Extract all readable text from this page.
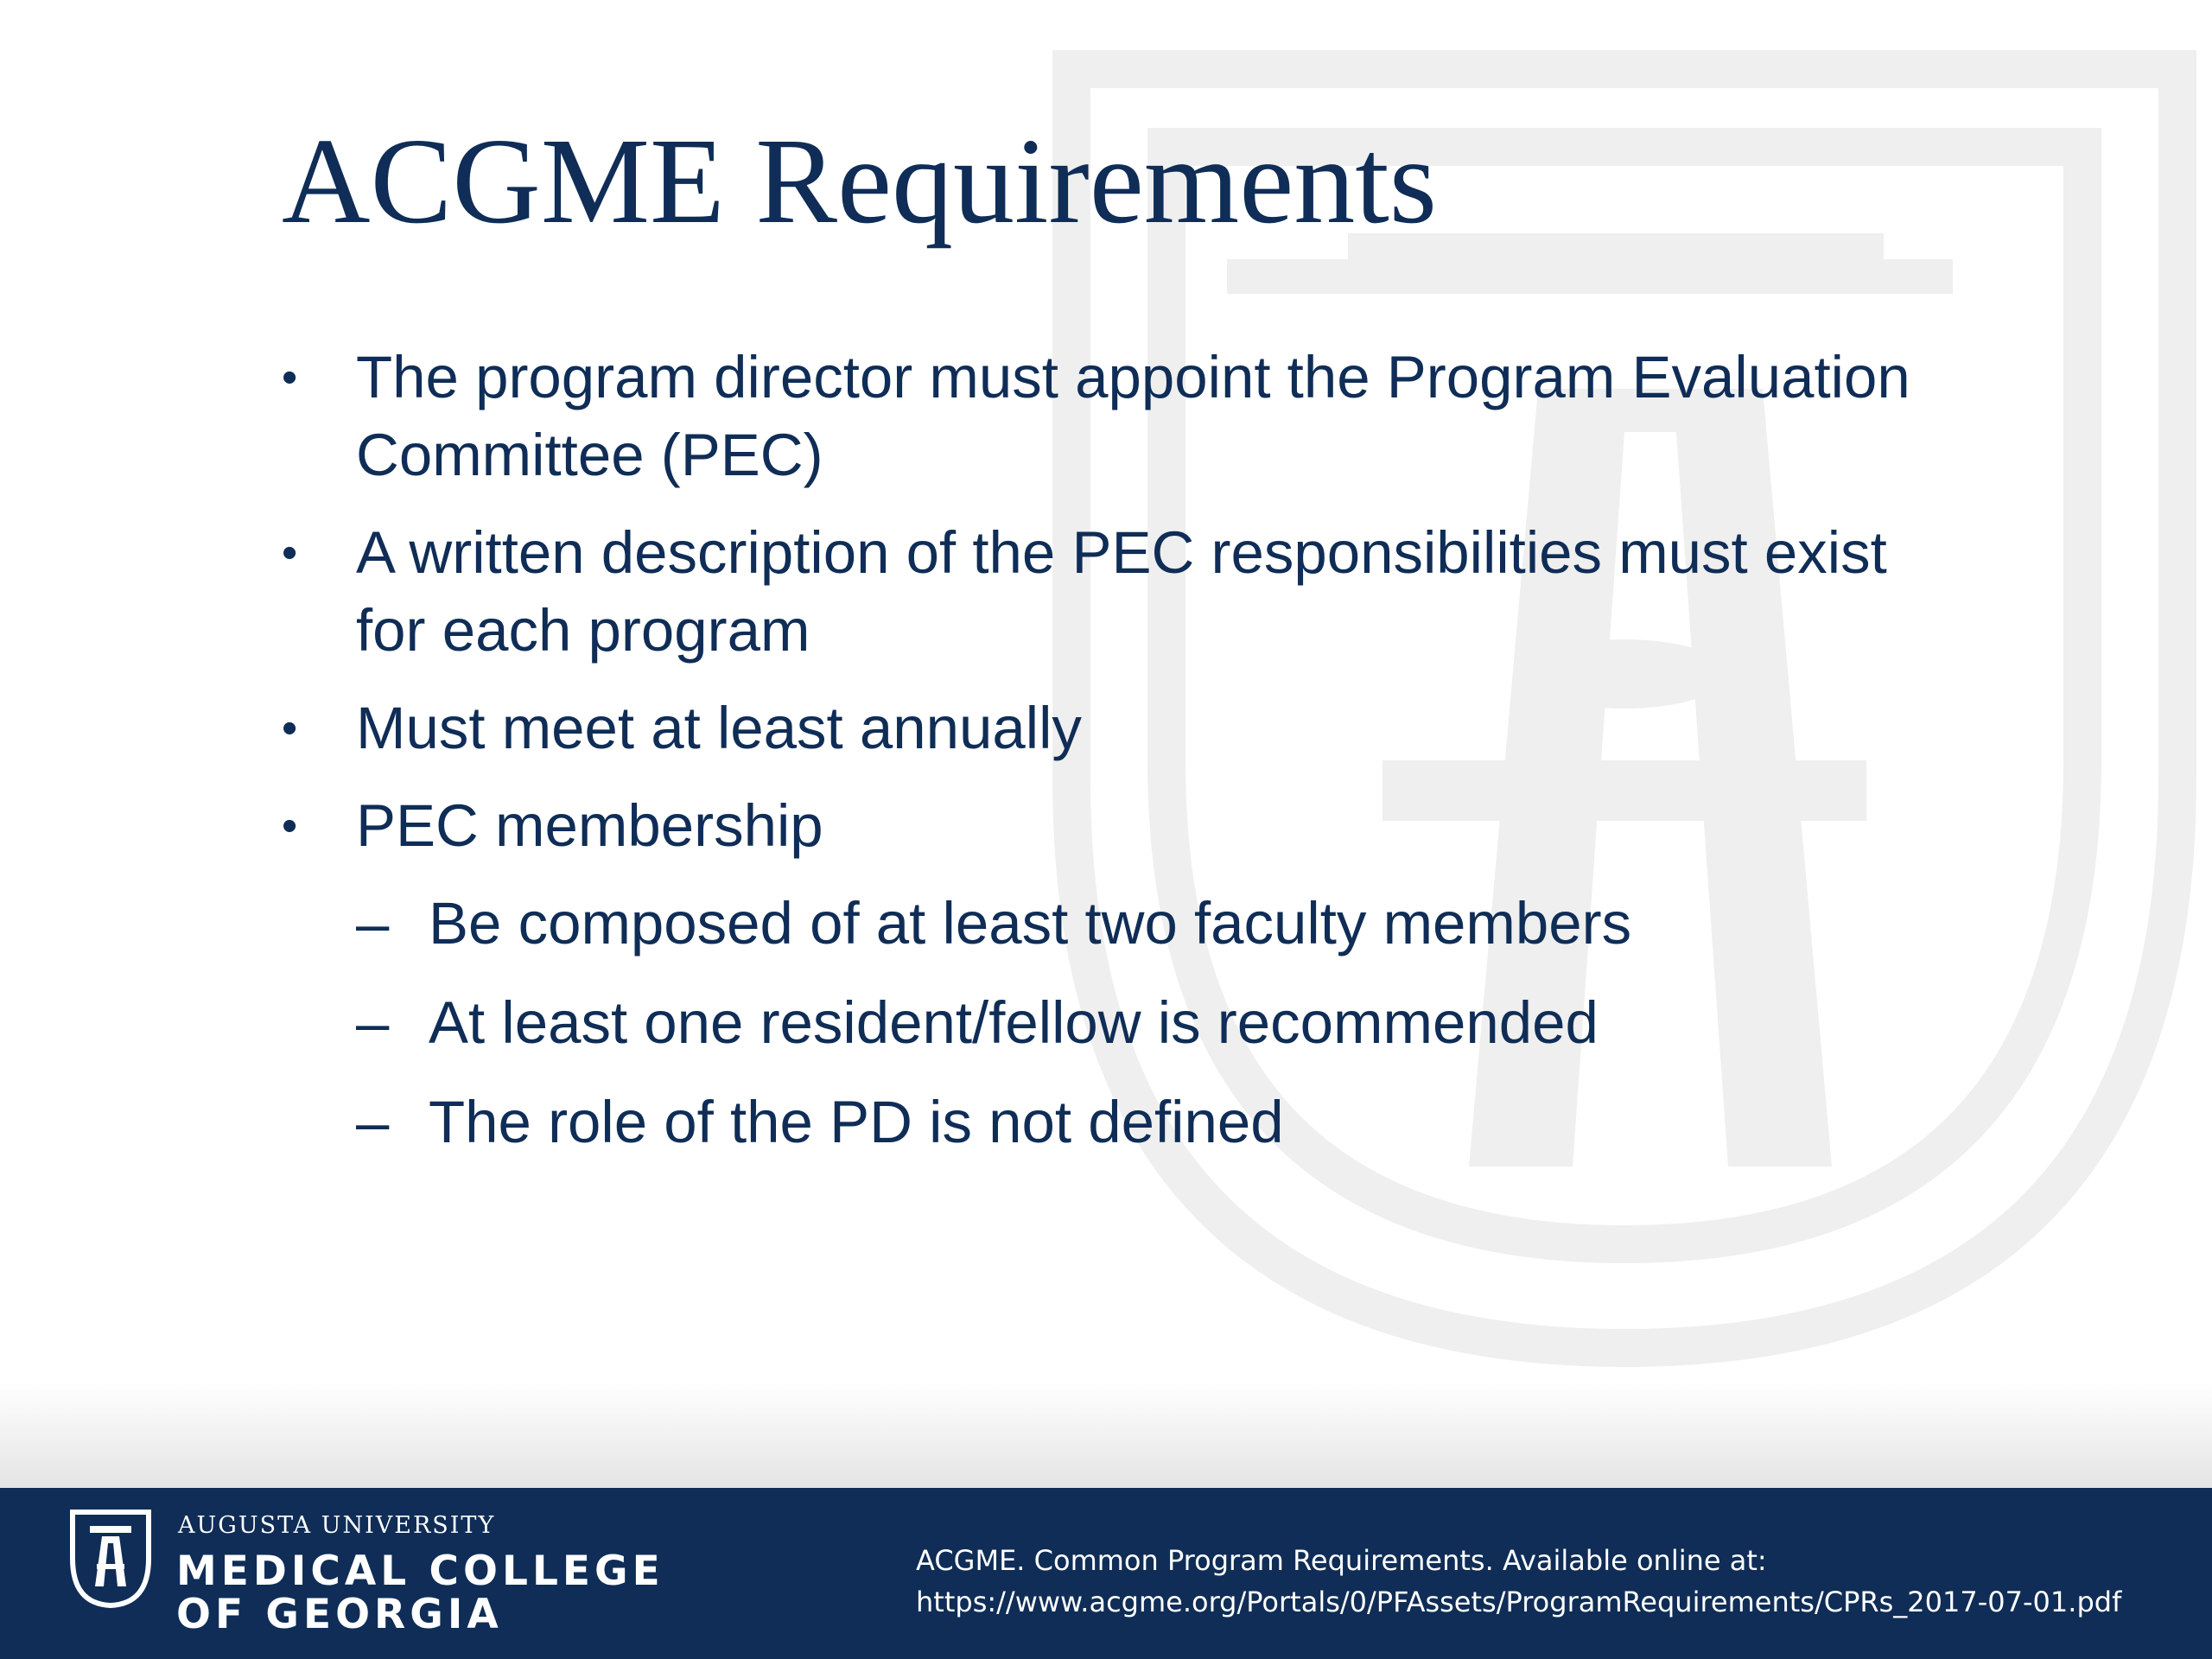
ACGME Requirements
• The program director must appoint the Program Evaluation Committee (PEC)
• A written description of the PEC responsibilities must exist for each program
• Must meet at least annually
• PEC membership
– Be composed of at least two faculty members
– At least one resident/fellow is recommended
– The role of the PD is not defined
AUGUSTA UNIVERSITY
MEDICAL COLLEGE
OF GEORGIA
ACGME. Common Program Requirements. Available online at:
https://www.acgme.org/Portals/0/PFAssets/ProgramRequirements/CPRs_2017-07-01.pdf
